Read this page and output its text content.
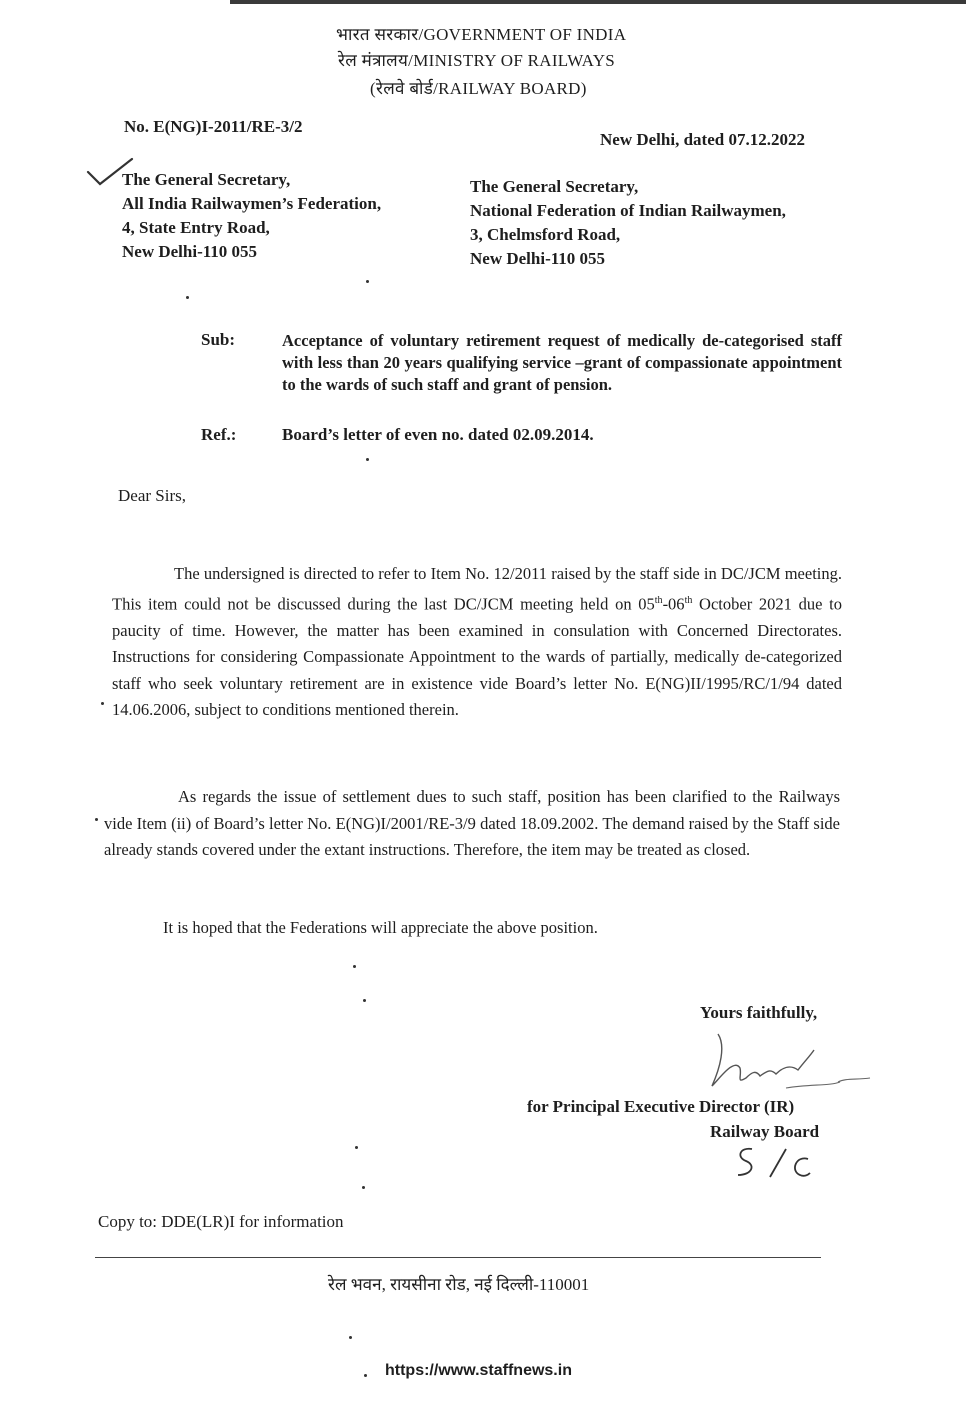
भारत सरकार/GOVERNMENT OF INDIA
रेल मंत्रालय/MINISTRY OF RAILWAYS
(रेलवे बोर्ड/RAILWAY BOARD)
No. E(NG)I-2011/RE-3/2
New Delhi, dated 07.12.2022
The General Secretary,
All India Railwaymen’s Federation,
4, State Entry Road,
New Delhi-110 055
The General Secretary,
National Federation of Indian Railwaymen,
3, Chelmsford Road,
New Delhi-110 055
Sub:	Acceptance of voluntary retirement request of medically de-categorised staff with less than 20 years qualifying service –grant of compassionate appointment to the wards of such staff and grant of pension.
Ref.:	Board’s letter of even no. dated 02.09.2014.
Dear Sirs,
The undersigned is directed to refer to Item No. 12/2011 raised by the staff side in DC/JCM meeting. This item could not be discussed during the last DC/JCM meeting held on 05th-06th October 2021 due to paucity of time. However, the matter has been examined in consulation with Concerned Directorates. Instructions for considering Compassionate Appointment to the wards of partially, medically de-categorized staff who seek voluntary retirement are in existence vide Board’s letter No. E(NG)II/1995/RC/1/94 dated 14.06.2006, subject to conditions mentioned therein.
As regards the issue of settlement dues to such staff, position has been clarified to the Railways vide Item (ii) of Board’s letter No. E(NG)I/2001/RE-3/9 dated 18.09.2002. The demand raised by the Staff side already stands covered under the extant instructions. Therefore, the item may be treated as closed.
It is hoped that the Federations will appreciate the above position.
Yours faithfully,
for Principal Executive Director (IR)
Railway Board
Copy to: DDE(LR)I for information
रेल भवन, रायसीना रोड, नई दिल्ली-110001
https://www.staffnews.in
